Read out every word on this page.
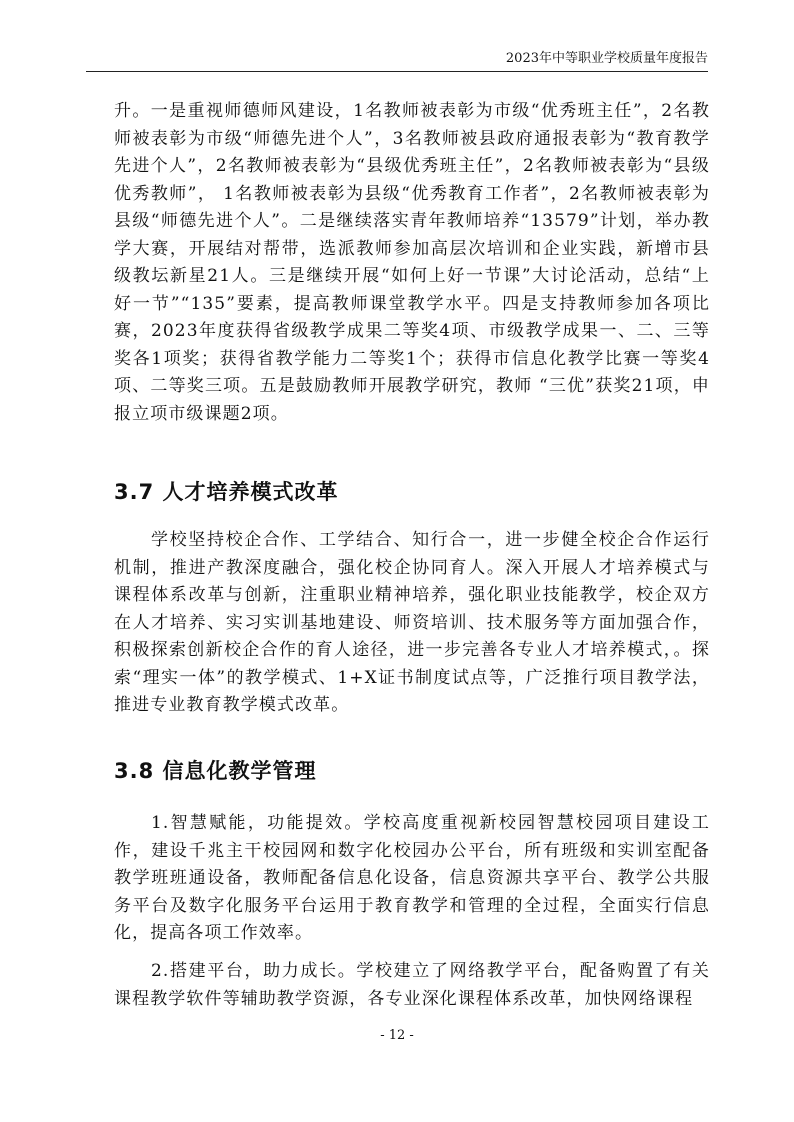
2023年中等职业学校质量年度报告

升。一是重视师德师风建设，1名教师被表彰为市级“优秀班主任”，2名教师被表彰为市级“师德先进个人”，3名教师被县政府通报表彰为“教育教学先进个人”，2名教师被表彰为“县级优秀班主任”，2名教师被表彰为“县级优秀教师”， 1名教师被表彰为县级“优秀教育工作者”，2名教师被表彰为县级“师德先进个人”。二是继续落实青年教师培养“13579”计划，举办教学大赛，开展结对帮带，选派教师参加高层次培训和企业实践，新增市县级教坛新星21人。三是继续开展“如何上好一节课”大讨论活动，总结“上好一节”“135”要素，提高教师课堂教学水平。四是支持教师参加各项比赛，2023年度获得省级教学成果二等奖4项、市级教学成果一、二、三等奖各1项奖；获得省教学能力二等奖1个；获得市信息化教学比赛一等奖4项、二等奖三项。五是鼓励教师开展教学研究，教师 “三优”获奖21项，申报立项市级课题2项。

3.7 人才培养模式改革

学校坚持校企合作、工学结合、知行合一，进一步健全校企合作运行机制，推进产教深度融合，强化校企协同育人。深入开展人才培养模式与课程体系改革与创新，注重职业精神培养，强化职业技能教学，校企双方在人才培养、实习实训基地建设、师资培训、技术服务等方面加强合作，积极探索创新校企合作的育人途径，进一步完善各专业人才培养模式，。探索“理实一体”的教学模式、1+X证书制度试点等，广泛推行项目教学法，推进专业教育教学模式改革。

3.8 信息化教学管理

1.智慧赋能，功能提效。学校高度重视新校园智慧校园项目建设工作，建设千兆主干校园网和数字化校园办公平台，所有班级和实训室配备教学班班通设备，教师配备信息化设备，信息资源共享平台、教学公共服务平台及数字化服务平台运用于教育教学和管理的全过程，全面实行信息化，提高各项工作效率。

2.搭建平台，助力成长。学校建立了网络教学平台，配备购置了有关课程教学软件等辅助教学资源，各专业深化课程体系改革，加快网络课程

- 12 -
